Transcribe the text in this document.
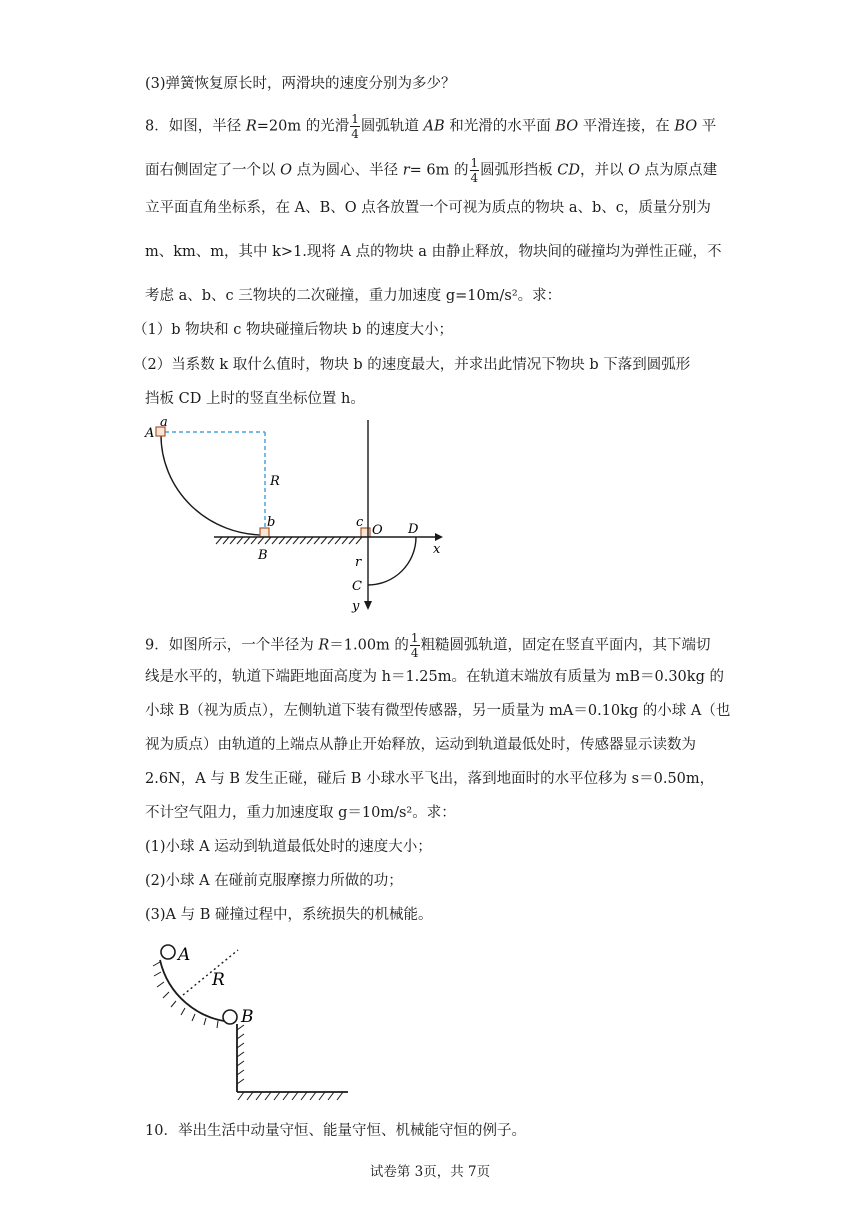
(3)弹簧恢复原长时，两滑块的速度分别为多少？
8．如图，半径 R=20m 的光滑 $\frac{1}{4}$ 圆弧轨道 AB 和光滑的水平面 BO 平滑连接，在 BO 平
面右侧固定了一个以 O 点为圆心、半径 r= 6m 的 $\frac{1}{4}$ 圆弧形挡板 CD，并以 O 点为原点建
立平面直角坐标系，在 A、B、O 点各放置一个可视为质点的物块 a、b、c，质量分别为
m、km、m，其中 k>1.现将 A 点的物块 a 由静止释放，物块间的碰撞均为弹性正碰，不
考虑 a、b、c 三物块的二次碰撞，重力加速度 g=10m/s²。求：
（1）b 物块和 c 物块碰撞后物块 b 的速度大小；
（2）当系数 k 取什么值时，物块 b 的速度最大，并求出此情况下物块 b 下落到圆弧形
挡板 CD 上时的竖直坐标位置 h。
a
A
R
b
B
c
O D
x
r
C
y
9．如图所示，一个半径为 R＝1.00m 的 $\frac{1}{4}$ 粗糙圆弧轨道，固定在竖直平面内，其下端切
线是水平的，轨道下端距地面高度为 h＝1.25m。在轨道末端放有质量为 mB＝0.30kg 的
小球 B（视为质点），左侧轨道下装有微型传感器，另一质量为 mA＝0.10kg 的小球 A（也
视为质点）由轨道的上端点从静止开始释放，运动到轨道最低处时，传感器显示读数为
2.6N，A 与 B 发生正碰，碰后 B 小球水平飞出，落到地面时的水平位移为 s＝0.50m，
不计空气阻力，重力加速度取 g＝10m/s²。求：
(1)小球 A 运动到轨道最低处时的速度大小；
(2)小球 A 在碰前克服摩擦力所做的功；
(3)A 与 B 碰撞过程中，系统损失的机械能。
A
R
B
10．举出生活中动量守恒、能量守恒、机械能守恒的例子。
试卷第 3页，共 7页
